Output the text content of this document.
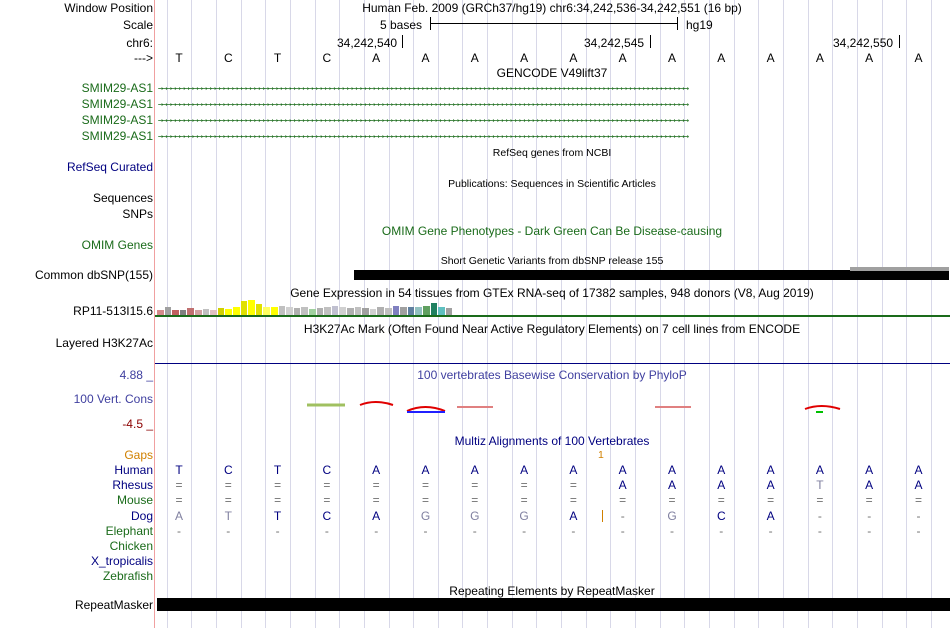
Window Position	Human Feb. 2009 (GRCh37/hg19) chr6:34,242,536-34,242,551 (16 bp)
Scale	5 bases	hg19
chr6:	34,242,540	34,242,545	34,242,550
---> T	C	T	C	A	A	A	A	A	A	A	A	A	A	A	A
GENCODE V49lift37
SMIM29-AS1
SMIM29-AS1
SMIM29-AS1
SMIM29-AS1
→→→→→→→→→→→→→→→→→→→→→→→→→→→→→→→→→→→→→→→→→→→→→→→→→→→→→→→→→→→→→→→→→→→→→→→→→→→→→→→→→→→→→→→→→→→→→→→→→→→→→→→→→→→→→→→→→→→→→→→→
→→→→→→→→→→→→→→→→→→→→→→→→→→→→→→→→→→→→→→→→→→→→→→→→→→→→→→→→→→→→→→→→→→→→→→→→→→→→→→→→→→→→→→→→→→→→→→→→→→→→→→→→→→→→→→→→→→→→→→→→
→→→→→→→→→→→→→→→→→→→→→→→→→→→→→→→→→→→→→→→→→→→→→→→→→→→→→→→→→→→→→→→→→→→→→→→→→→→→→→→→→→→→→→→→→→→→→→→→→→→→→→→→→→→→→→→→→→→→→→→→
→→→→→→→→→→→→→→→→→→→→→→→→→→→→→→→→→→→→→→→→→→→→→→→→→→→→→→→→→→→→→→→→→→→→→→→→→→→→→→→→→→→→→→→→→→→→→→→→→→→→→→→→→→→→→→→→→→→→→→→→
RefSeq genes from NCBI
RefSeq Curated
Publications: Sequences in Scientific Articles
Sequences
SNPs
OMIM Gene Phenotypes - Dark Green Can Be Disease-causing
OMIM Genes
Short Genetic Variants from dbSNP release 155
Common dbSNP(155)
Gene Expression in 54 tissues from GTEx RNA-seq of 17382 samples, 948 donors (V8, Aug 2019)
RP11-513I15.6
H3K27Ac Mark (Often Found Near Active Regulatory Elements) on 7 cell lines from ENCODE
Layered H3K27Ac
4.88 _	100 vertebrates Basewise Conservation by PhyloP
100 Vert. Cons
-4.5 _
Multiz Alignments of 100 Vertebrates
Gaps	1
Human T	C	T	C	A	A	A	A	A	A	A	A	A	A	A	A
Rhesus =	=	=	=	=	=	=	=	=	A	A	A	A	T	A	A
Mouse =	=	=	=	=	=	=	=	=	=	=	=	=	=	=	=
Dog A	T	T	C	A	G	G	G	A	-	G	C	A	-	-	-
Elephant -	-	-	-	-	-	-	-	-	-	-	-	-	-	-	-
Chicken
X_tropicalis
Zebrafish
Repeating Elements by RepeatMasker
RepeatMasker
